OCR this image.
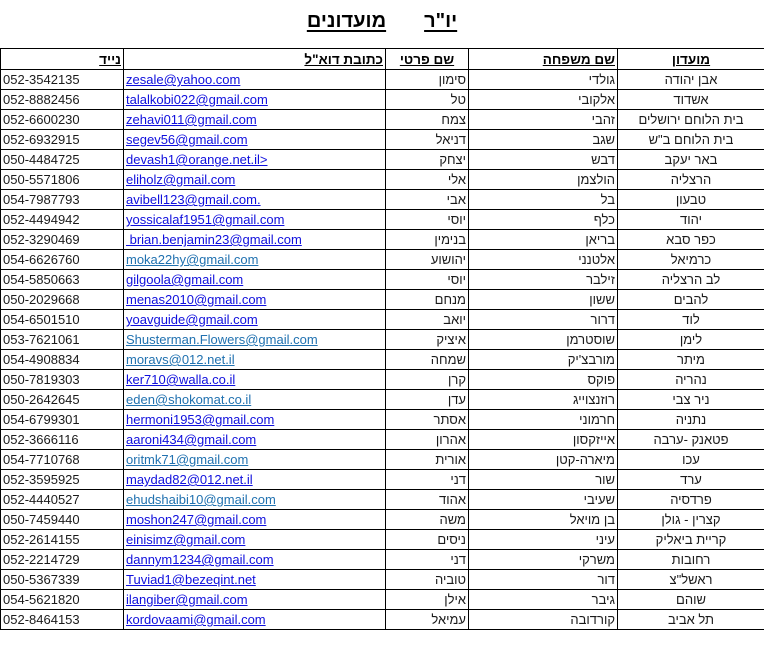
יו"רמועדונים
מועדון	שם משפחה	שם פרטי	כתובת דוא"ל	נייד
אבן יהודה	גולדי	סימון	zesale@yahoo.com	052-3542135
אשדוד	אלקובי	טל	talalkobi022@gmail.com	052-8882456
בית הלוחם ירושלים	זהבי	צמח	zehavi011@gmail.com	052-6600230
בית הלוחם ב"ש	שגב	דניאל	segev56@gmail.com	052-6932915
באר יעקב	דבש	יצחק	devash1@orange.net.il>	050-4484725
הרצליה	הולצמן	אלי	eliholz@gmail.com	050-5571806
טבעון	בל	אבי	avibell123@gmail.com.	054-7987793
יהוד	כלף	יוסי	yossicalaf1951@gmail.com	052-4494942
כפר סבא	בריאן	בנימין	brian.benjamin23@gmail.com	052-3290469
כרמיאל	אלטנני	יהושוע	moka22hy@gmail.com	054-6626760
לב הרצליה	זילבר	יוסי	gilgoola@gmail.com	054-5850663
להבים	ששון	מנחם	menas2010@gmail.com	050-2029668
לוד	דרור	יואב	yoavguide@gmail.com	054-6501510
לימן	שוסטרמן	איציק	Shusterman.Flowers@gmail.com	053-7621061
מיתר	מורבצ'יק	שמחה	moravs@012.net.il	054-4908834
נהריה	פוקס	קרן	ker710@walla.co.il	050-7819303
ניר צבי	רוזנצוייג	עדן	eden@shokomat.co.il	050-2642645
נתניה	חרמוני	אסתר	hermoni1953@gmail.com	054-6799301
פטאנק -ערבה	אייזקסון	אהרון	aaroni434@gmail.com	052-3666116
עכו	מיארה-קטן	אורית	oritmk71@gmail.com	054-7710768
ערד	שור	דני	maydad82@012.net.il	052-3595925
פרדסיה	שעיבי	אהוד	ehudshaibi10@gmail.com	052-4440527
קצרין - גולן	בן מויאל	משה	moshon247@gmail.com	050-7459440
קריית ביאליק	עיני	ניסים	einisimz@gmail.com	052-2614155
רחובות	משרקי	דני	dannym1234@gmail.com	052-2214729
ראשל"צ	דור	טוביה	Tuviad1@bezeqint.net	050-5367339
שוהם	גיבר	אילן	ilangiber@gmail.com	054-5621820
תל אביב	קורדובה	עמיאל	kordovaami@gmail.com	052-8464153
